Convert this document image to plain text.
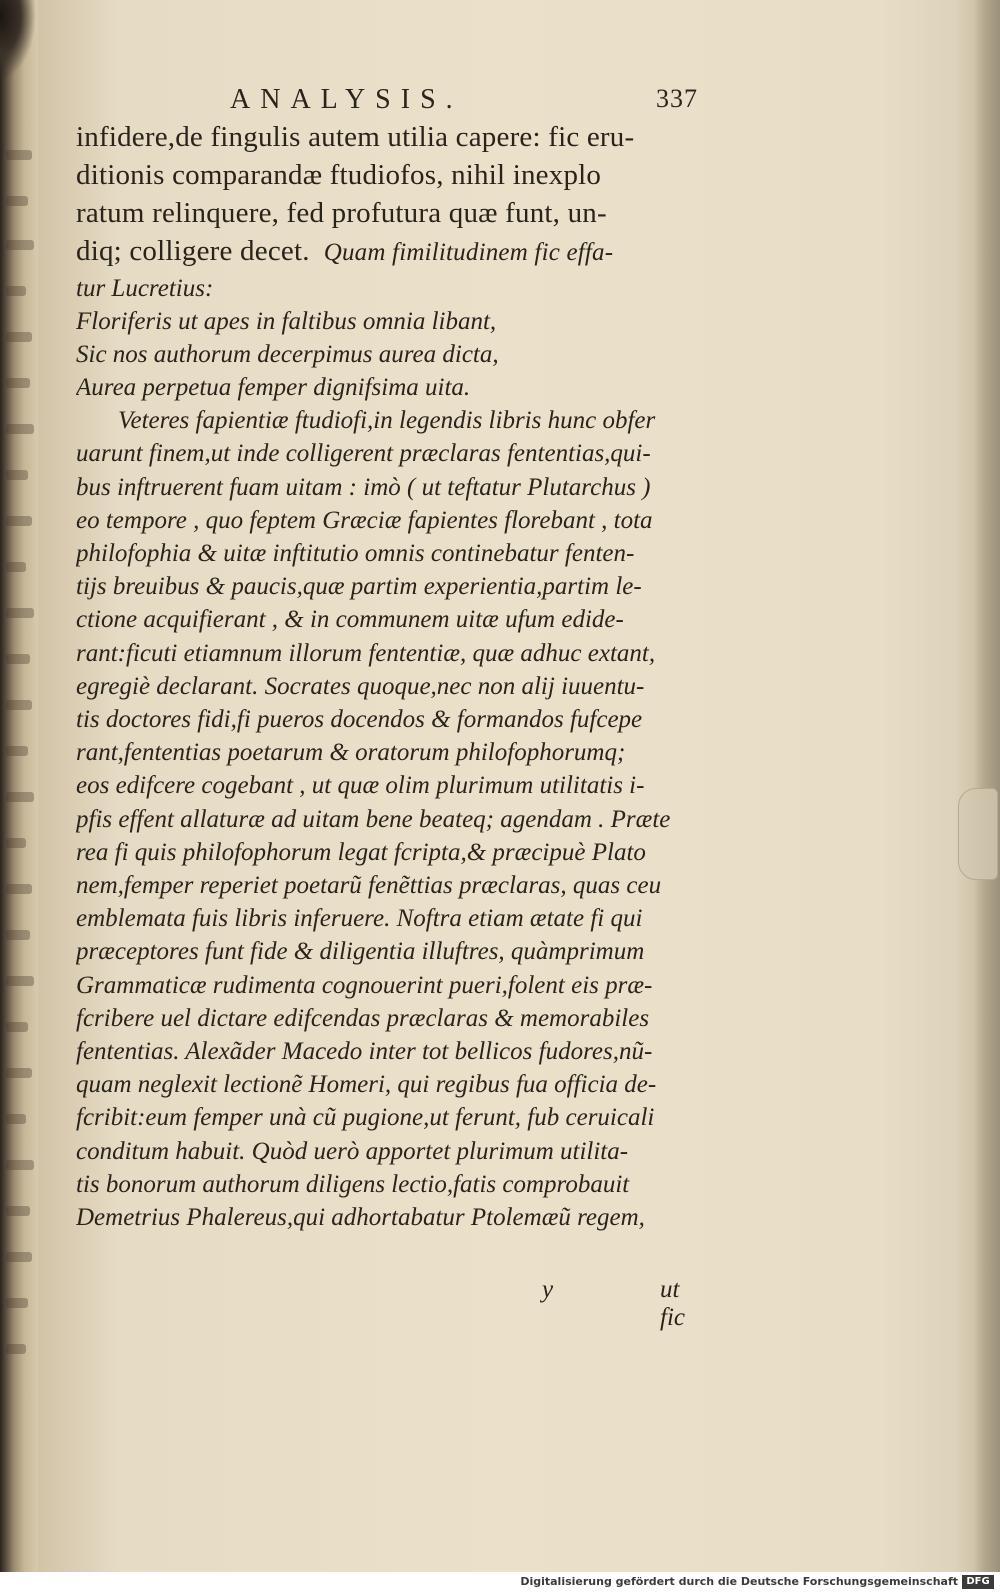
ANALYSIS.	337
infidere,de fingulis autem utilia capere: fic eru-
ditionis comparandæ ftudiofos, nihil inexplo
ratum relinquere, fed profutura quæ funt, un-
diq; colligere decet. Quam fimilitudinem fic effa-
tur Lucretius:
Floriferis ut apes in faltibus omnia libant,
Sic nos authorum decerpimus aurea dicta,
Aurea perpetua femper dignifsima uita.
Veteres fapientiæ ftudiofi,in legendis libris hunc obfer
uarunt finem,ut inde colligerent præclaras fententias,qui-
bus inftruerent fuam uitam : imò ( ut teftatur Plutarchus )
eo tempore , quo feptem Græciæ fapientes florebant , tota
philofophia & uitæ inftitutio omnis continebatur fenten-
tijs breuibus & paucis,quæ partim experientia,partim le-
ctione acquifierant , & in communem uitæ ufum edide-
rant:ficuti etiamnum illorum fententiæ, quæ adhuc extant,
egregiè declarant. Socrates quoque,nec non alij iuuentu-
tis doctores fidi,fi pueros docendos & formandos fufcepe
rant,fententias poetarum & oratorum philofophorumq;
eos edifcere cogebant , ut quæ olim plurimum utilitatis i-
pfis effent allaturæ ad uitam bene beateq; agendam . Præte
rea fi quis philofophorum legat fcripta,& præcipuè Plato
nem,femper reperiet poetarũ fenẽttias præclaras, quas ceu
emblemata fuis libris inferuere. Noftra etiam ætate fi qui
præceptores funt fide & diligentia illuftres, quàmprimum
Grammaticæ rudimenta cognouerint pueri,folent eis præ-
fcribere uel dictare edifcendas præclaras & memorabiles
fententias. Alexãder Macedo inter tot bellicos fudores,nũ-
quam neglexit lectionẽ Homeri, qui regibus fua officia de-
fcribit:eum femper unà cũ pugione,ut ferunt, fub ceruicali
conditum habuit. Quòd uerò apportet plurimum utilita-
tis bonorum authorum diligens lectio,fatis comprobauit
Demetrius Phalereus,qui adhortabatur Ptolemæũ regem,
y	ut fic
Digitalisierung gefördert durch die Deutsche Forschungsgemeinschaft DFG
